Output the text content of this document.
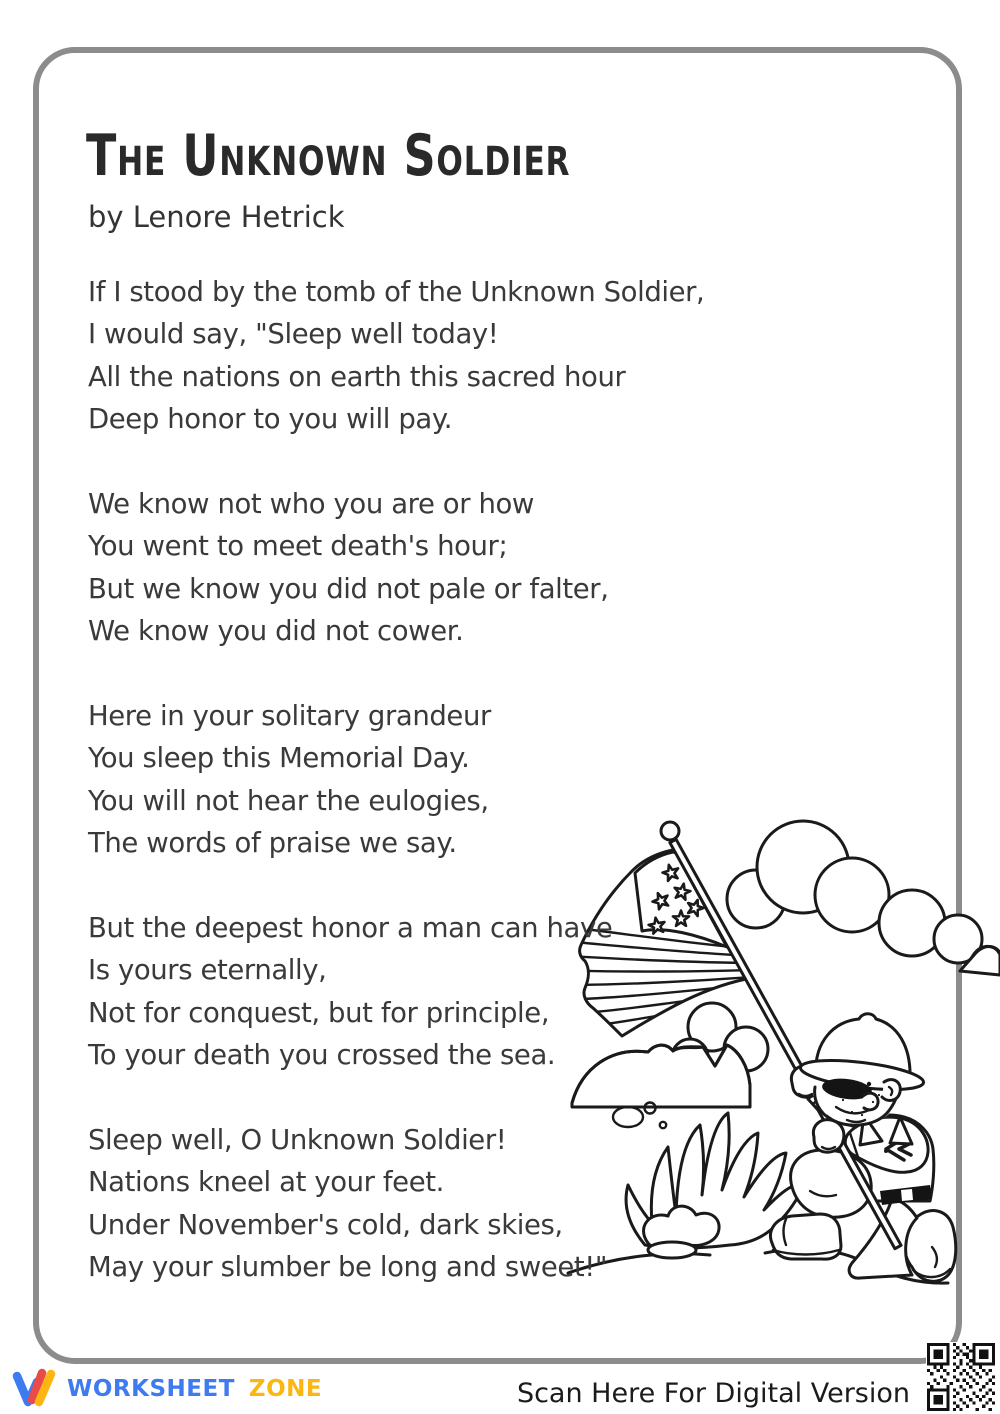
The Unknown Soldier
by Lenore Hetrick
If I stood by the tomb of the Unknown Soldier,
I would say, "Sleep well today!
All the nations on earth this sacred hour
Deep honor to you will pay.
We know not who you are or how
You went to meet death's hour;
But we know you did not pale or falter,
We know you did not cower.
Here in your solitary grandeur
You sleep this Memorial Day.
You will not hear the eulogies,
The words of praise we say.
But the deepest honor a man can have
Is yours eternally,
Not for conquest, but for principle,
To your death you crossed the sea.
Sleep well, O Unknown Soldier!
Nations kneel at your feet.
Under November's cold, dark skies,
May your slumber be long and sweet!"
WORKSHEET ZONE	Scan Here For Digital Version
